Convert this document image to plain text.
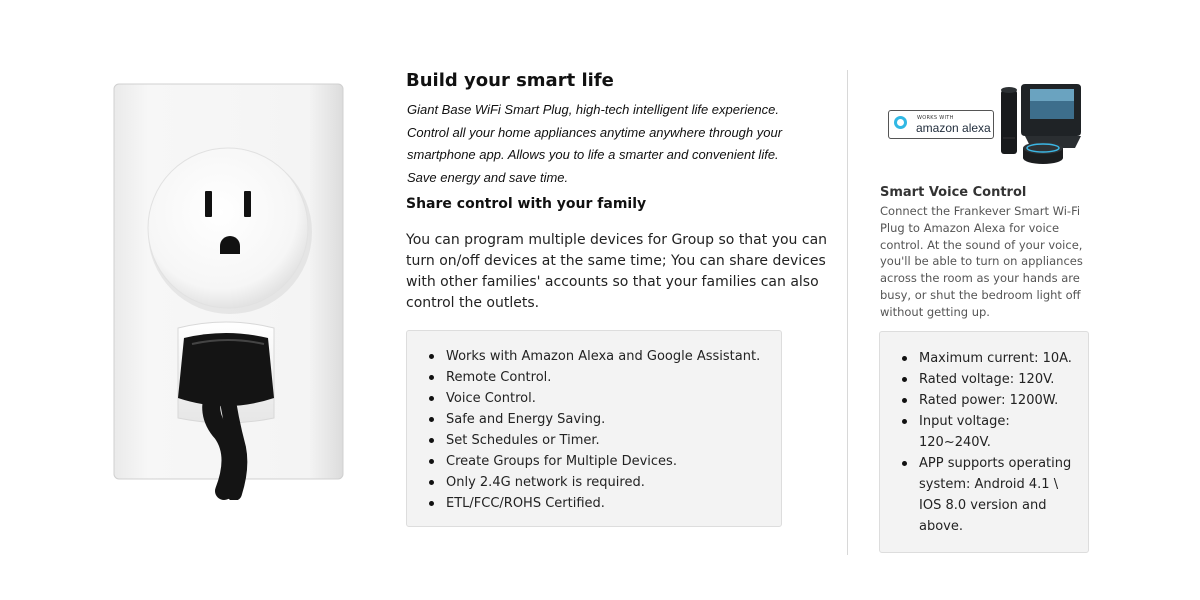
Build your smart life
Giant Base WiFi Smart Plug, high-tech intelligent life experience.
Control all your home appliances anytime anywhere through your
smartphone app. Allows you to life a smarter and convenient life.
Save energy and save time.
Share control with your family
You can program multiple devices for Group so that you can
turn on/off devices at the same time; You can share devices
with other families' accounts so that your families can also
control the outlets.
Works with Amazon Alexa and Google Assistant.
Remote Control.
Voice Control.
Safe and Energy Saving.
Set Schedules or Timer.
Create Groups for Multiple Devices.
Only 2.4G network is required.
ETL/FCC/ROHS Certified.
WORKS WITH
amazon alexa
Smart Voice Control
Connect the Frankever Smart Wi-Fi
Plug to Amazon Alexa for voice
control. At the sound of your voice,
you'll be able to turn on appliances
across the room as your hands are
busy, or shut the bedroom light off
without getting up.
Maximum current: 10A.
Rated voltage: 120V.
Rated power: 1200W.
Input voltage:
120~240V.
APP supports operating
system: Android 4.1 \
IOS 8.0 version and
above.
